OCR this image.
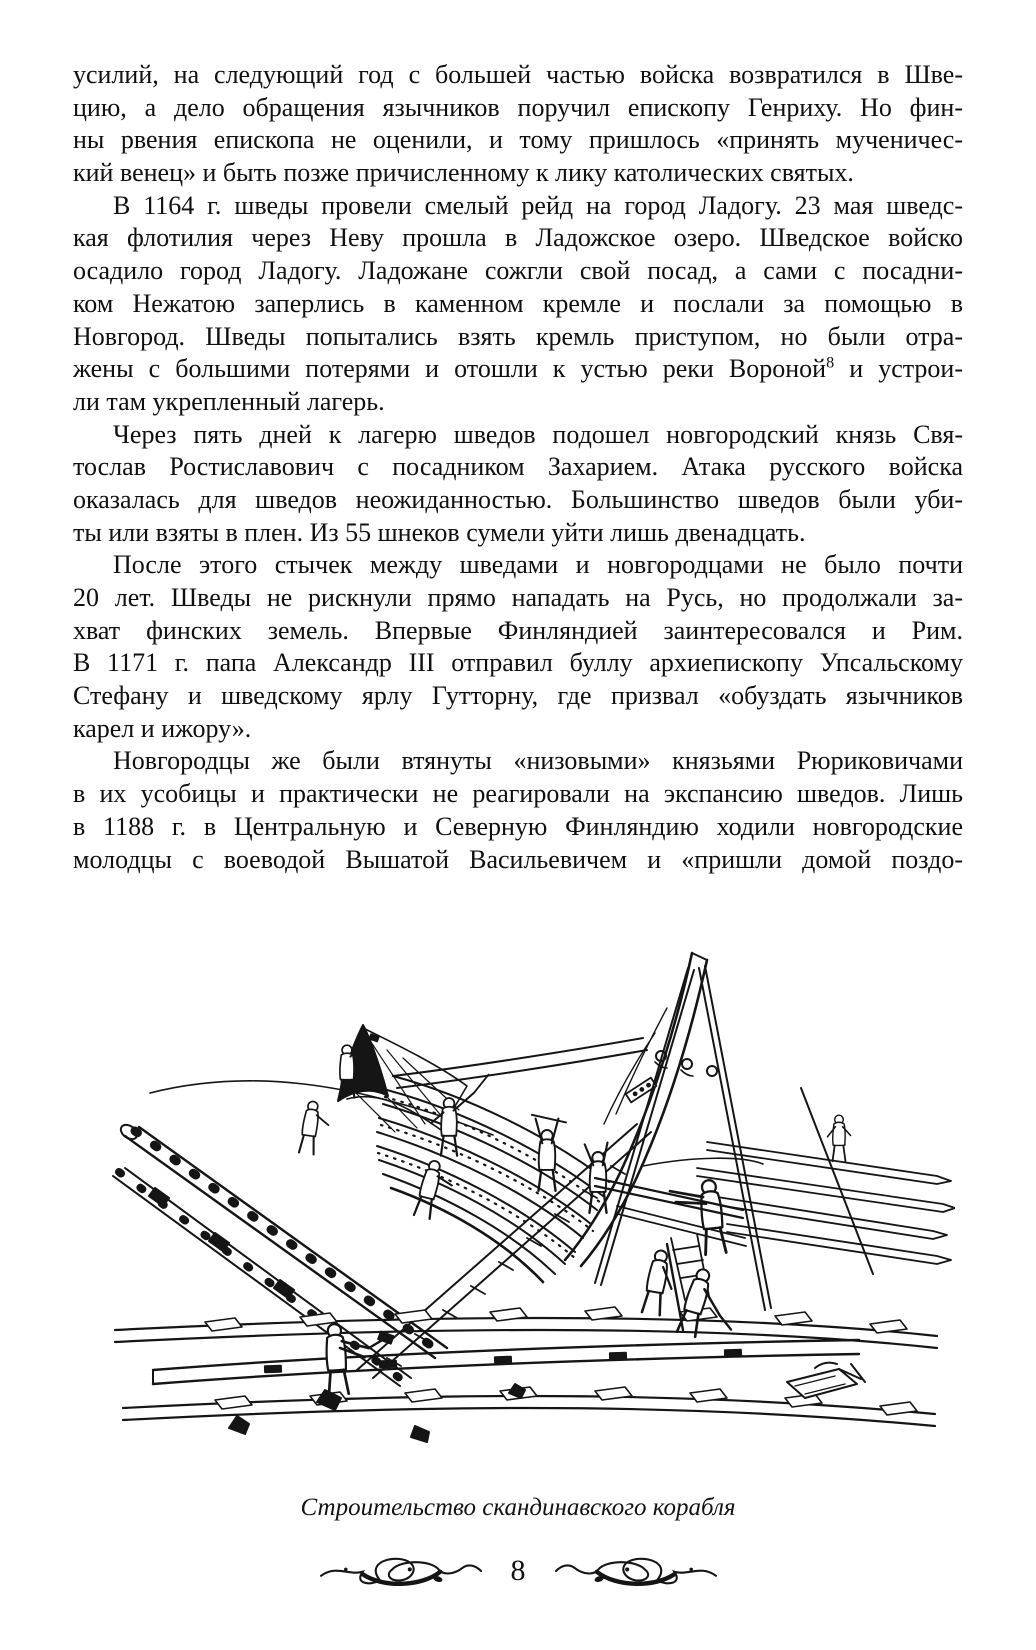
усилий, на следующий год с большей частью войска возвратился в Шве-
цию, а дело обращения язычников поручил епископу Генриху. Но фин-
ны рвения епископа не оценили, и тому пришлось «принять мученичес-
кий венец» и быть позже причисленному к лику католических святых.
В 1164 г. шведы провели смелый рейд на город Ладогу. 23 мая шведс-
кая флотилия через Неву прошла в Ладожское озеро. Шведское войско
осадило город Ладогу. Ладожане сожгли свой посад, а сами с посадни-
ком Нежатою заперлись в каменном кремле и послали за помощью в
Новгород. Шведы попытались взять кремль приступом, но были отра-
жены с большими потерями и отошли к устью реки Вороной$^8$ и устрои-
ли там укрепленный лагерь.
Через пять дней к лагерю шведов подошел новгородский князь Свя-
тослав Ростиславович с посадником Захарием. Атака русского войска
оказалась для шведов неожиданностью. Большинство шведов были уби-
ты или взяты в плен. Из 55 шнеков сумели уйти лишь двенадцать.
После этого стычек между шведами и новгородцами не было почти
20 лет. Шведы не рискнули прямо нападать на Русь, но продолжали за-
хват финских земель. Впервые Финляндией заинтересовался и Рим.
В 1171 г. папа Александр III отправил буллу архиепископу Упсальскому
Стефану и шведскому ярлу Гутторну, где призвал «обуздать язычников
карел и ижору».
Новгородцы же были втянуты «низовыми» князьями Рюриковичами
в их усобицы и практически не реагировали на экспансию шведов. Лишь
в 1188 г. в Центральную и Северную Финляндию ходили новгородские
молодцы с воеводой Вышатой Васильевичем и «пришли домой поздо-
Строительство скандинавского корабля
8
